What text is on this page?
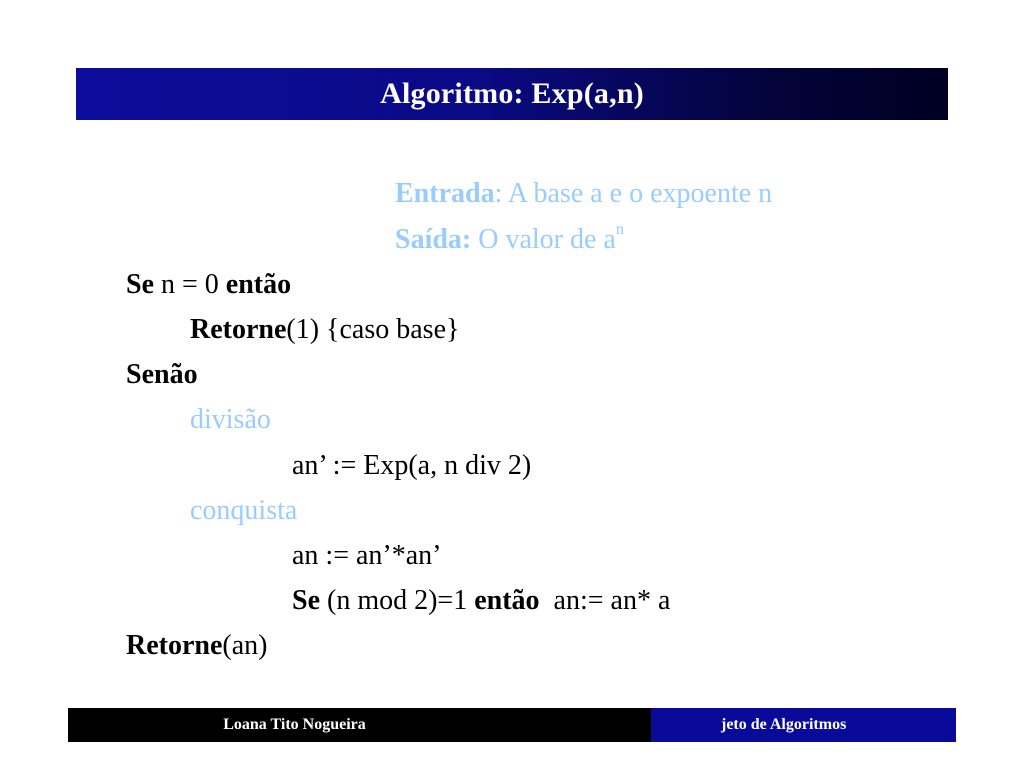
Algoritmo: Exp(a,n)
Entrada: A base a e o expoente n
Saída: O valor de $a^n$
Se n = 0 então
Retorne(1) {caso base}
Senão
divisão
an’ := Exp(a, n div 2)
conquista
an := an’*an’
Se (n mod 2)=1 então  an:= an* a
Retorne(an)
Loana Tito Nogueira	jeto de Algoritmos
